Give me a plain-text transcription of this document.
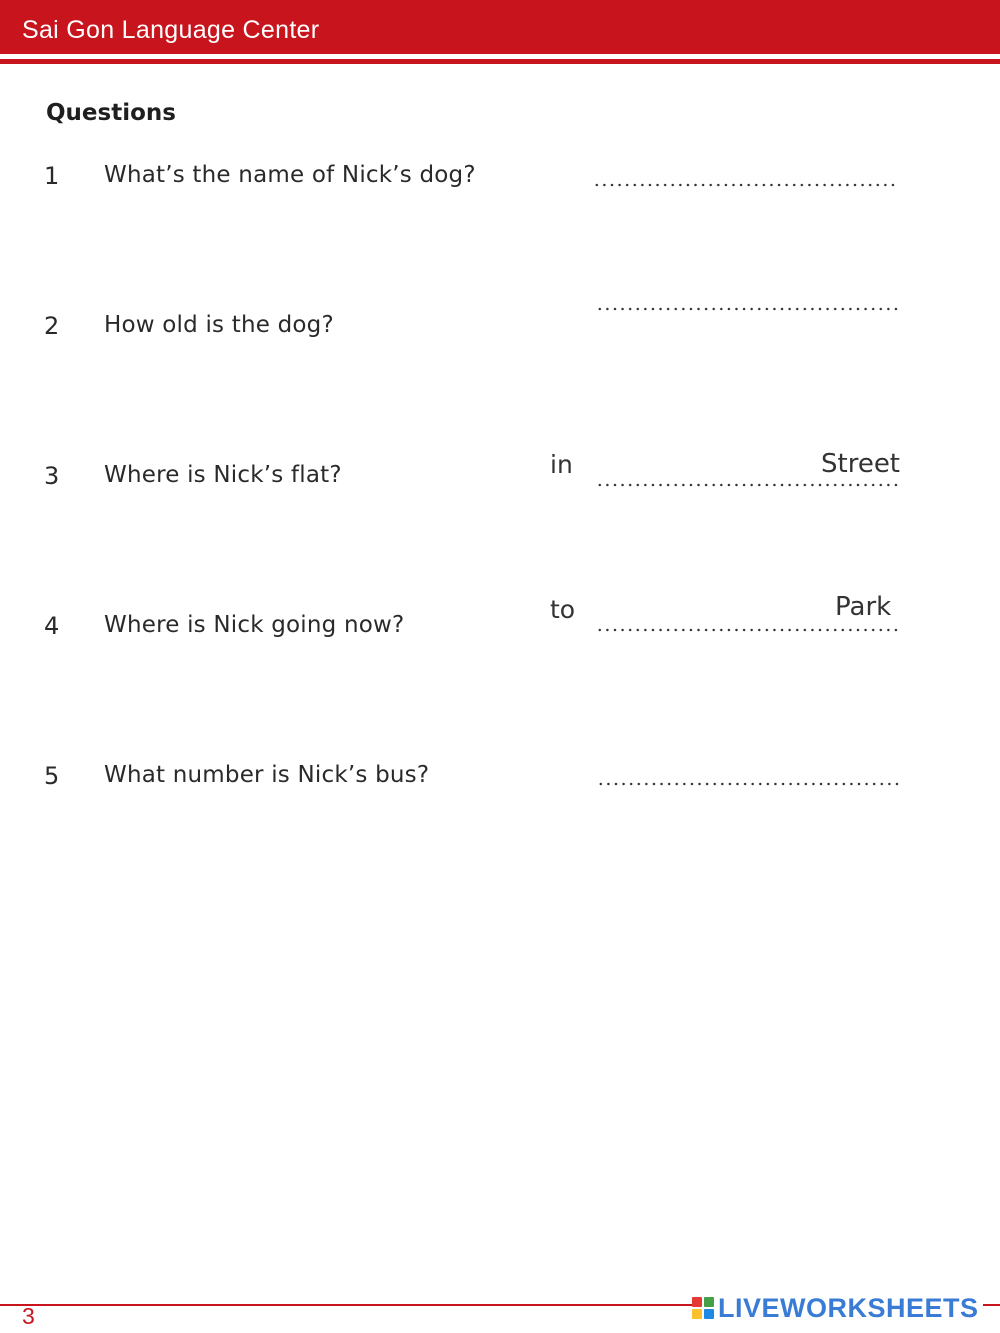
Sai Gon Language Center
Questions
1 What’s the name of Nick’s dog?
2 How old is the dog?
3 Where is Nick’s flat?	in	Street
4 Where is Nick going now?
to	Park
5 What number is Nick’s bus?
3	LIVEWORKSHEETS
